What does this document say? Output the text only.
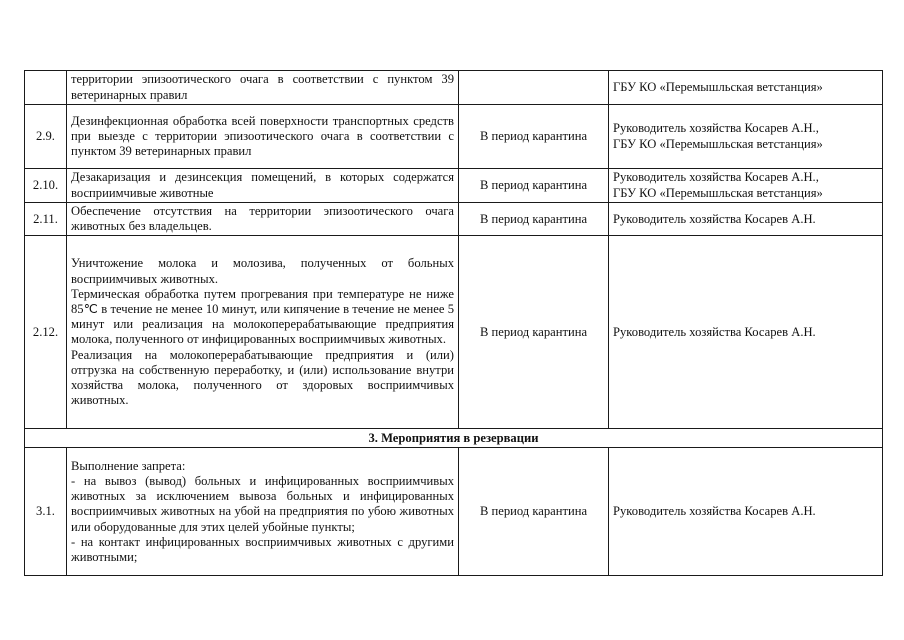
	территории эпизоотического очага в соответствии с пунктом 39 ветеринарных правил		ГБУ КО «Перемышльская ветстанция»

2.9.	Дезинфекционная обработка всей поверхности транспортных средств при выезде с территории эпизоотического очага в соответствии с пунктом 39 ветеринарных правил	В период карантина	Руководитель хозяйства Косарев А.Н.,
ГБУ КО «Перемышльская ветстанция»

2.10.	Дезакаризация и дезинсекция помещений, в которых содержатся восприимчивые животные	В период карантина	Руководитель хозяйства Косарев А.Н.,
ГБУ КО «Перемышльская ветстанция»

2.11.	Обеспечение отсутствия на территории эпизоотического очага животных без владельцев.	В период карантина	Руководитель хозяйства Косарев А.Н.

2.12.	Уничтожение молока и молозива, полученных от больных восприимчивых животных.

Термическая обработка путем прогревания при температуре не ниже 85℃ в течение не менее 10 минут, или кипячение в течение не менее 5 минут или реализация на молокоперерабатывающие предприятия молока, полученного от инфицированных восприимчивых животных.

Реализация на молокоперерабатывающие предприятия и (или) отгрузка на собственную переработку, и (или) использование внутри хозяйства молока, полученного от здоровых восприимчивых животных.	В период карантина	Руководитель хозяйства Косарев А.Н.

3. Мероприятия в резервации			
3.1.	Выполнение запрета:

- на вывоз (вывод) больных и инфицированных восприимчивых животных за исключением вывоза больных и инфицированных восприимчивых животных на убой на предприятия по убою животных или оборудованные для этих целей убойные пункты;

- на контакт инфицированных восприимчивых животных с другими животными;	В период карантина	Руководитель хозяйства Косарев А.Н.
